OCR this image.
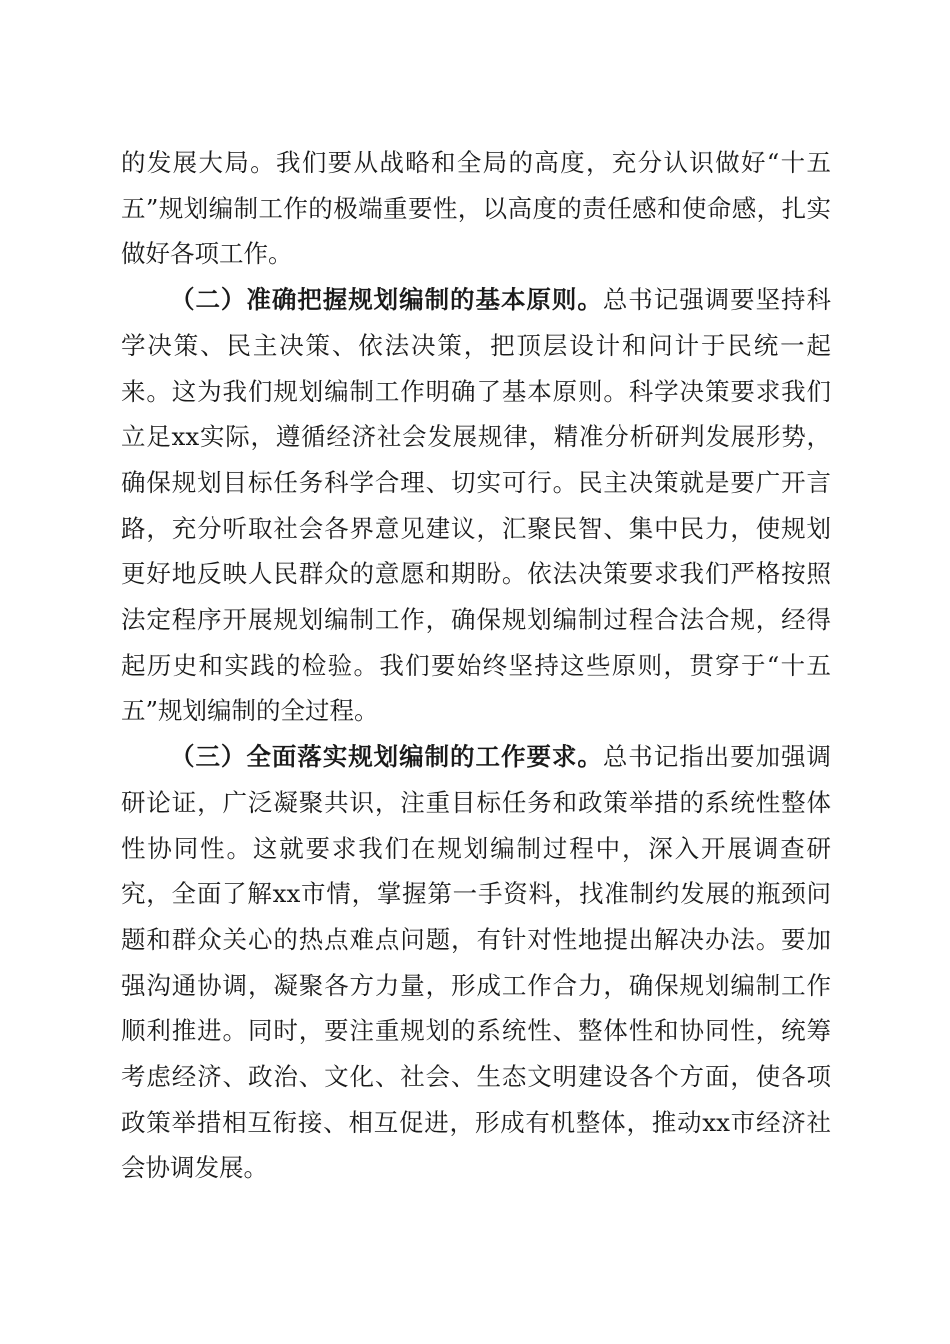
的发展大局。我们要从战略和全局的高度，充分认识做好“十五五”规划编制工作的极端重要性，以高度的责任感和使命感，扎实做好各项工作。

（二）准确把握规划编制的基本原则。总书记强调要坚持科学决策、民主决策、依法决策，把顶层设计和问计于民统一起来。这为我们规划编制工作明确了基本原则。科学决策要求我们立足xx实际，遵循经济社会发展规律，精准分析研判发展形势，确保规划目标任务科学合理、切实可行。民主决策就是要广开言路，充分听取社会各界意见建议，汇聚民智、集中民力，使规划更好地反映人民群众的意愿和期盼。依法决策要求我们严格按照法定程序开展规划编制工作，确保规划编制过程合法合规，经得起历史和实践的检验。我们要始终坚持这些原则，贯穿于“十五五”规划编制的全过程。

（三）全面落实规划编制的工作要求。总书记指出要加强调研论证，广泛凝聚共识，注重目标任务和政策举措的系统性整体性协同性。这就要求我们在规划编制过程中，深入开展调查研究，全面了解xx市情，掌握第一手资料，找准制约发展的瓶颈问题和群众关心的热点难点问题，有针对性地提出解决办法。要加强沟通协调，凝聚各方力量，形成工作合力，确保规划编制工作顺利推进。同时，要注重规划的系统性、整体性和协同性，统筹考虑经济、政治、文化、社会、生态文明建设各个方面，使各项政策举措相互衔接、相互促进，形成有机整体，推动xx市经济社会协调发展。
